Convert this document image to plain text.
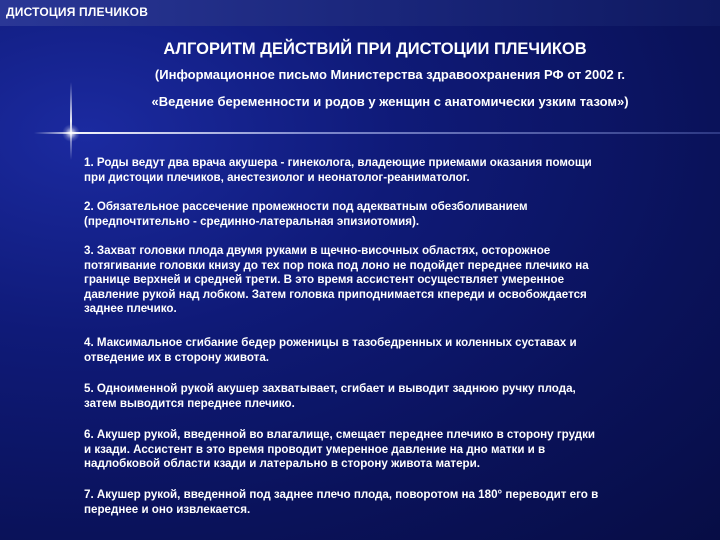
ДИСТОЦИЯ ПЛЕЧИКОВ
АЛГОРИТМ ДЕЙСТВИЙ ПРИ ДИСТОЦИИ ПЛЕЧИКОВ
(Информационное письмо Министерства здравоохранения РФ от 2002 г.
«Ведение беременности и родов у женщин с анатомически узким тазом»)
1. Роды ведут два врача акушера - гинеколога, владеющие приемами оказания помощи
при дистоции плечиков, анестезиолог и неонатолог-реаниматолог.
2. Обязательное рассечение промежности под адекватным обезболиванием
(предпочтительно - срединно-латеральная эпизиотомия).
3. Захват головки плода двумя руками в щечно-височных областях, осторожное
потягивание головки книзу до тех пор пока под лоно не подойдет переднее плечико на
границе верхней и средней трети. В это время ассистент осуществляет умеренное
давление рукой над лобком. Затем головка приподнимается кпереди и освобождается
заднее плечико.
4. Максимальное сгибание бедер роженицы в тазобедренных и коленных суставах и
отведение их в сторону живота.
5. Одноименной рукой акушер захватывает, сгибает и выводит заднюю ручку плода,
затем выводится переднее плечико.
6. Акушер рукой, введенной во влагалище, смещает переднее плечико в сторону грудки
и кзади. Ассистент в это время проводит умеренное давление на дно матки и в
надлобковой области кзади и латерально в сторону живота матери.
7. Акушер рукой, введенной под заднее плечо плода, поворотом на 180° переводит его в
переднее и оно извлекается.
